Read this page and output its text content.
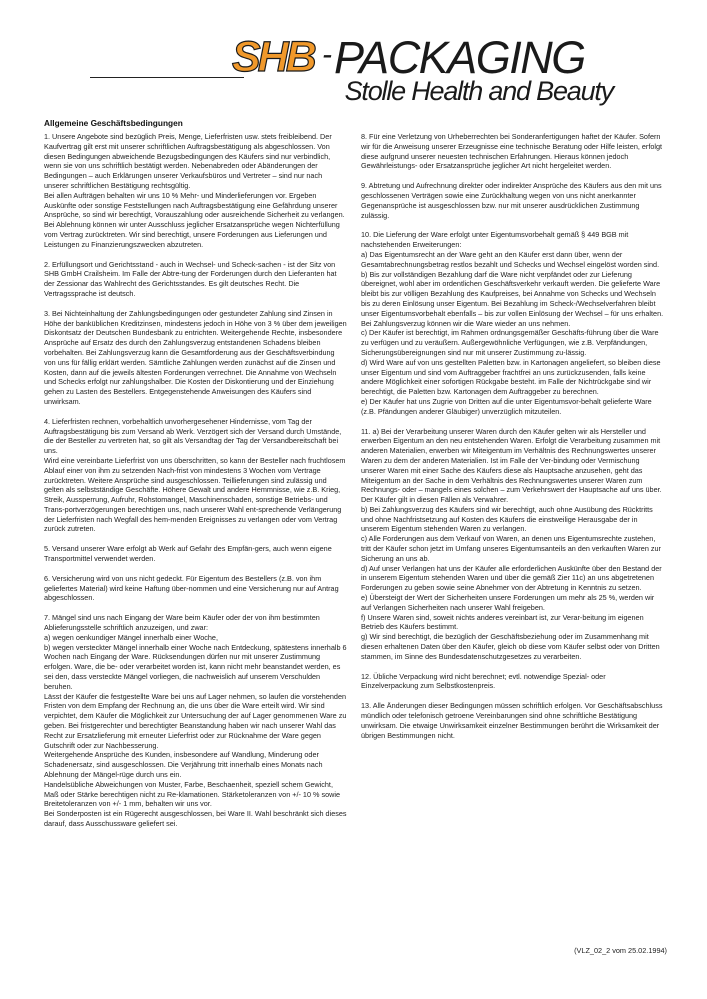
SHB - PACKAGING
Stolle Health and Beauty
Allgemeine Geschäftsbedingungen

1. Unsere Angebote sind bezüglich Preis, Menge, Lieferfristen usw. stets freibleibend. Der Kaufvertrag gilt erst mit unserer schriftlichen Auftragsbestätigung als abgeschlossen. Von diesen Bedingungen abweichende Bezugsbedingungen des Käufers sind nur verbindlich, wenn sie von uns schriftlich bestätigt werden. Nebenabreden oder Abänderungen der Bedingungen – auch Erklärungen unserer Verkaufsbüros und Vertreter – sind nur nach unserer schriftlichen Bestätigung rechtsgültig.
Bei allen Aufträgen behalten wir uns 10 % Mehr- und Minderlieferungen vor. Ergeben Auskünfte oder sonstige Feststellungen nach Auftragsbestätigung eine Gefährdung unserer Ansprüche, so sind wir berechtigt, Vorauszahlung oder ausreichende Sicherheit zu verlangen. Bei Ablehnung können wir unter Ausschluss jeglicher Ersatzansprüche wegen Nichterfüllung vom Vertrag zurücktreten. Wir sind berechtigt, unsere Forderungen aus Lieferungen und Leistungen zu Finanzierungszwecken abzutreten.

2. Erfüllungsort und Gerichtsstand - auch in Wechsel- und Scheck-sachen - ist der Sitz von SHB GmbH Crailsheim. Im Falle der Abtre-tung der Forderungen durch den Lieferanten hat der Zessionar das Wahlrecht des Gerichtsstandes. Es gilt deutsches Recht. Die Vertragssprache ist deutsch.

3. Bei Nichteinhaltung der Zahlungsbedingungen oder gestundeter Zahlung sind Zinsen in Höhe der banküblichen Kreditzinsen, mindestens jedoch in Höhe von 3 % über dem jeweiligen Diskontsatz der Deutschen Bundesbank zu entrichten. Weitergehende Rechte, insbesondere Ansprüche auf Ersatz des durch den Zahlungsverzug entstandenen Schadens bleiben vorbehalten. Bei Zahlungsverzug kann die Gesamtforderung aus der Geschäftsverbindung von uns für fällig erklärt werden. Sämtliche Zahlungen werden zunächst auf die Zinsen und Kosten, dann auf die jeweils ältesten Forderungen verrechnet. Die Annahme von Wechseln und Schecks erfolgt nur zahlungshalber. Die Kosten der Diskontierung und der Einziehung gehen zu Lasten des Bestellers. Entgegenstehende Anweisungen des Käufers sind unwirksam.

4. Lieferfristen rechnen, vorbehaltlich unvorhergesehener Hindernisse, vom Tag der Auftragsbestätigung bis zum Versand ab Werk. Verzögert sich der Versand durch Umstände, die der Besteller zu vertreten hat, so gilt als Versandtag der Tag der Versandbereitschaft bei uns.
Wird eine vereinbarte Lieferfrist von uns überschritten, so kann der Besteller nach fruchtlosem Ablauf einer von ihm zu setzenden Nach-frist von mindestens 3 Wochen vom Vertrage zurücktreten. Weitere Ansprüche sind ausgeschlossen. Teillieferungen sind zulässig und gelten als selbstständige Geschäfte. Höhere Gewalt und andere Hemmnisse, wie z.B. Krieg, Streik, Aussperrung, Aufruhr, Rohstomangel, Maschinenschaden, sonstige Betriebs- und Trans-portverzögerungen berechtigen uns, nach unserer Wahl ent-sprechende Verlängerung der Lieferfristen nach Wegfall des hem-menden Ereignisses zu verlangen oder vom Vertrag zurück zutreten.

5. Versand unserer Ware erfolgt ab Werk auf Gefahr des Empfän-gers, auch wenn eigene Transportmittel verwendet werden.

6. Versicherung wird von uns nicht gedeckt. Für Eigentum des Bestellers (z.B. von ihm geliefertes Material) wird keine Haftung über-nommen und eine Versicherung nur auf Antrag abgeschlossen.

7. Mängel sind uns nach Eingang der Ware beim Käufer oder der von ihm bestimmten Ablieferungsstelle schriftlich anzuzeigen, und zwar:
a) wegen oenkundiger Mängel innerhalb einer Woche,
b) wegen versteckter Mängel innerhalb einer Woche nach Entdeckung, spätestens innerhalb 6 Wochen nach Eingang der Ware. Rücksendungen dürfen nur mit unserer Zustimmung erfolgen. Ware, die be- oder verarbeitet worden ist, kann nicht mehr beanstandet werden, es sei den, dass versteckte Mängel vorliegen, die nachweislich auf unserem Verschulden beruhen.
Lässt der Käufer die festgestellte Ware bei uns auf Lager nehmen, so laufen die vorstehenden Fristen von dem Empfang der Rechnung an, die uns über die Ware erteilt wird. Wir sind verpichtet, dem Käufer die Möglichkeit zur Untersuchung der auf Lager genommenen Ware zu geben. Bei fristgerechter und berechtigter Beanstandung haben wir nach unserer Wahl das Recht zur Ersatzlieferung mit erneuter Lieferfrist oder zur Rücknahme der Ware gegen Gutschrift oder zur Nachbesserung.
Weitergehende Ansprüche des Kunden, insbesondere auf Wandlung, Minderung oder Schadenersatz, sind ausgeschlossen. Die Verjährung tritt innerhalb eines Monats nach Ablehnung der Mängel-rüge durch uns ein.
Handelsübliche Abweichungen von Muster, Farbe, Beschaenheit, speziell schem Gewicht, Maß oder Stärke berechtigen nicht zu Re-klamationen. Stärketoleranzen von +/- 10 % sowie Breitetoleranzen von +/- 1 mm, behalten wir uns vor.
Bei Sonderposten ist ein Rügerecht ausgeschlossen, bei Ware II. Wahl beschränkt sich dieses darauf, dass Ausschussware geliefert sei.

8. Für eine Verletzung von Urheberrechten bei Sonderanfertigungen haftet der Käufer. Sofern wir für die Anweisung unserer Erzeugnisse eine technische Beratung oder Hilfe leisten, erfolgt diese aufgrund unserer neuesten technischen Erfahrungen. Hieraus können jedoch Gewährleistungs- oder Ersatzansprüche jeglicher Art nicht hergeleitet werden.

9. Abtretung und Aufrechnung direkter oder indirekter Ansprüche des Käufers aus den mit uns geschlossenen Verträgen sowie eine Zurückhaltung wegen von uns nicht anerkannter Gegenansprüche ist ausgeschlossen bzw. nur mit unserer ausdrücklichen Zustimmung zulässig.

10. Die Lieferung der Ware erfolgt unter Eigentumsvorbehalt gemäß § 449 BGB mit nachstehenden Erweiterungen:
a) Das Eigentumsrecht an der Ware geht an den Käufer erst dann über, wenn der Gesamtabrechnungsbetrag restlos bezahlt und Schecks und Wechsel eingelöst worden sind.
b) Bis zur vollständigen Bezahlung darf die Ware nicht verpfändet oder zur Lieferung übereignet, wohl aber im ordentlichen Geschäftsverkehr verkauft werden. Die gelieferte Ware bleibt bis zur völligen Bezahlung des Kaufpreises, bei Annahme von Schecks und Wechseln bis zu deren Einlösung unser Eigentum. Bei Bezahlung im Scheck-/Wechselverfahren bleibt unser Eigentumsvorbehalt ebenfalls – bis zur vollen Einlösung der Wechsel – für uns erhalten.
Bei Zahlungsverzug können wir die Ware wieder an uns nehmen.
c) Der Käufer ist berechtigt, im Rahmen ordnungsgemäßer Geschäfts-führung über die Ware zu verfügen und zu veräußern. Außergewöhnliche Verfügungen, wie z.B. Verpfändungen, Sicherungsübereignungen sind nur mit unserer Zustimmung zu-lässig.
d) Wird Ware auf von uns gestellten Paletten bzw. in Kartonagen angeliefert, so bleiben diese unser Eigentum und sind vom Auftraggeber frachtfrei an uns zurückzusenden, falls keine andere Möglichkeit einer sofortigen Rückgabe besteht. im Falle der Nichtrückgabe sind wir berechtigt, die Paletten bzw. Kartonagen dem Auftraggeber zu berechnen.
e) Der Käufer hat uns Zugrie von Dritten auf die unter Eigentumsvor-behalt gelieferte Ware (z.B. Pfändungen anderer Gläubiger) unverzüglich mitzuteilen.

11. a) Bei der Verarbeitung unserer Waren durch den Käufer gelten wir als Hersteller und erwerben Eigentum an den neu entstehenden Waren. Erfolgt die Verarbeitung zusammen mit anderen Materialien, erwerben wir Miteigentum im Verhältnis des Rechnungswertes unserer Waren zu dem der anderen Materialien. Ist im Falle der Ver-bindung oder Vermischung unserer Waren mit einer Sache des Käufers diese als Hauptsache anzusehen, geht das Miteigentum an der Sache in dem Verhältnis des Rechnungswertes unserer Waren zum Rechnungs- oder – mangels eines solchen – zum Verkehrswert der Hauptsache auf uns über. Der Käufer gilt in diesen Fällen als Verwahrer.
b) Bei Zahlungsverzug des Käufers sind wir berechtigt, auch ohne Ausübung des Rücktritts und ohne Nachfristsetzung auf Kosten des Käufers die einstweilige Herausgabe der in unserem Eigentum stehenden Waren zu verlangen.
c) Alle Forderungen aus dem Verkauf von Waren, an denen uns Eigentumsrechte zustehen, tritt der Käufer schon jetzt im Umfang unseres Eigentumsanteils an den verkauften Waren zur Sicherung an uns ab.
d) Auf unser Verlangen hat uns der Käufer alle erforderlichen Auskünfte über den Bestand der in unserem Eigentum stehenden Waren und über die gemäß Zier 11c) an uns abgetretenen Forderungen zu geben sowie seine Abnehmer von der Abtretung in Kenntnis zu setzen.
e) Übersteigt der Wert der Sicherheiten unsere Forderungen um mehr als 25 %, werden wir auf Verlangen Sicherheiten nach unserer Wahl freigeben.
f) Unsere Waren sind, soweit nichts anderes vereinbart ist, zur Verar-beitung im eigenen Betrieb des Käufers bestimmt.
g) Wir sind berechtigt, die bezüglich der Geschäftsbeziehung oder im Zusammenhang mit diesen erhaltenen Daten über den Käufer, gleich ob diese vom Käufer selbst oder von Dritten stammen, im Sinne des Bundesdatenschutzgesetzes zu verarbeiten.

12. Übliche Verpackung wird nicht berechnet; evtl. notwendige Spezial- oder Einzelverpackung zum Selbstkostenpreis.

13. Alle Änderungen dieser Bedingungen müssen schriftlich erfolgen. Vor Geschäftsabschluss mündlich oder telefonisch getroene Vereinbarungen sind ohne schriftliche Bestätigung unwirksam. Die etwaige Unwirksamkeit einzelner Bestimmungen berührt die Wirksamkeit der übrigen Bestimmungen nicht.

(VLZ_02_2 vom 25.02.1994)
